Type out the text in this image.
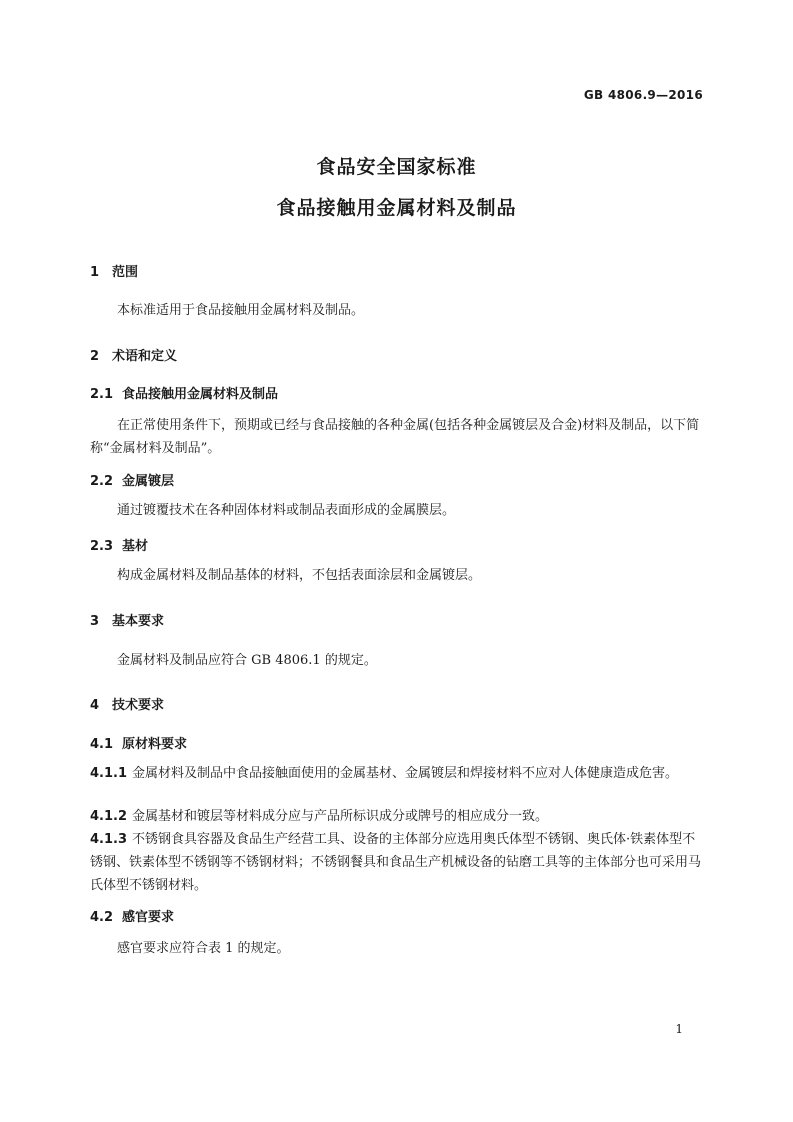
GB 4806.9—2016
食品安全国家标准
食品接触用金属材料及制品
1 范围
本标准适用于食品接触用金属材料及制品。
2 术语和定义
2.1 食品接触用金属材料及制品
在正常使用条件下，预期或已经与食品接触的各种金属(包括各种金属镀层及合金)材料及制品，以下简称“金属材料及制品”。
2.2 金属镀层
通过镀覆技术在各种固体材料或制品表面形成的金属膜层。
2.3 基材
构成金属材料及制品基体的材料，不包括表面涂层和金属镀层。
3 基本要求
金属材料及制品应符合 GB 4806.1 的规定。
4 技术要求
4.1 原材料要求
4.1.1 金属材料及制品中食品接触面使用的金属基材、金属镀层和焊接材料不应对人体健康造成危害。
4.1.2 金属基材和镀层等材料成分应与产品所标识成分或牌号的相应成分一致。
4.1.3 不锈钢食具容器及食品生产经营工具、设备的主体部分应选用奥氏体型不锈钢、奥氏体·铁素体型不锈钢、铁素体型不锈钢等不锈钢材料；不锈钢餐具和食品生产机械设备的钻磨工具等的主体部分也可采用马氏体型不锈钢材料。
4.2 感官要求
感官要求应符合表 1 的规定。
1
